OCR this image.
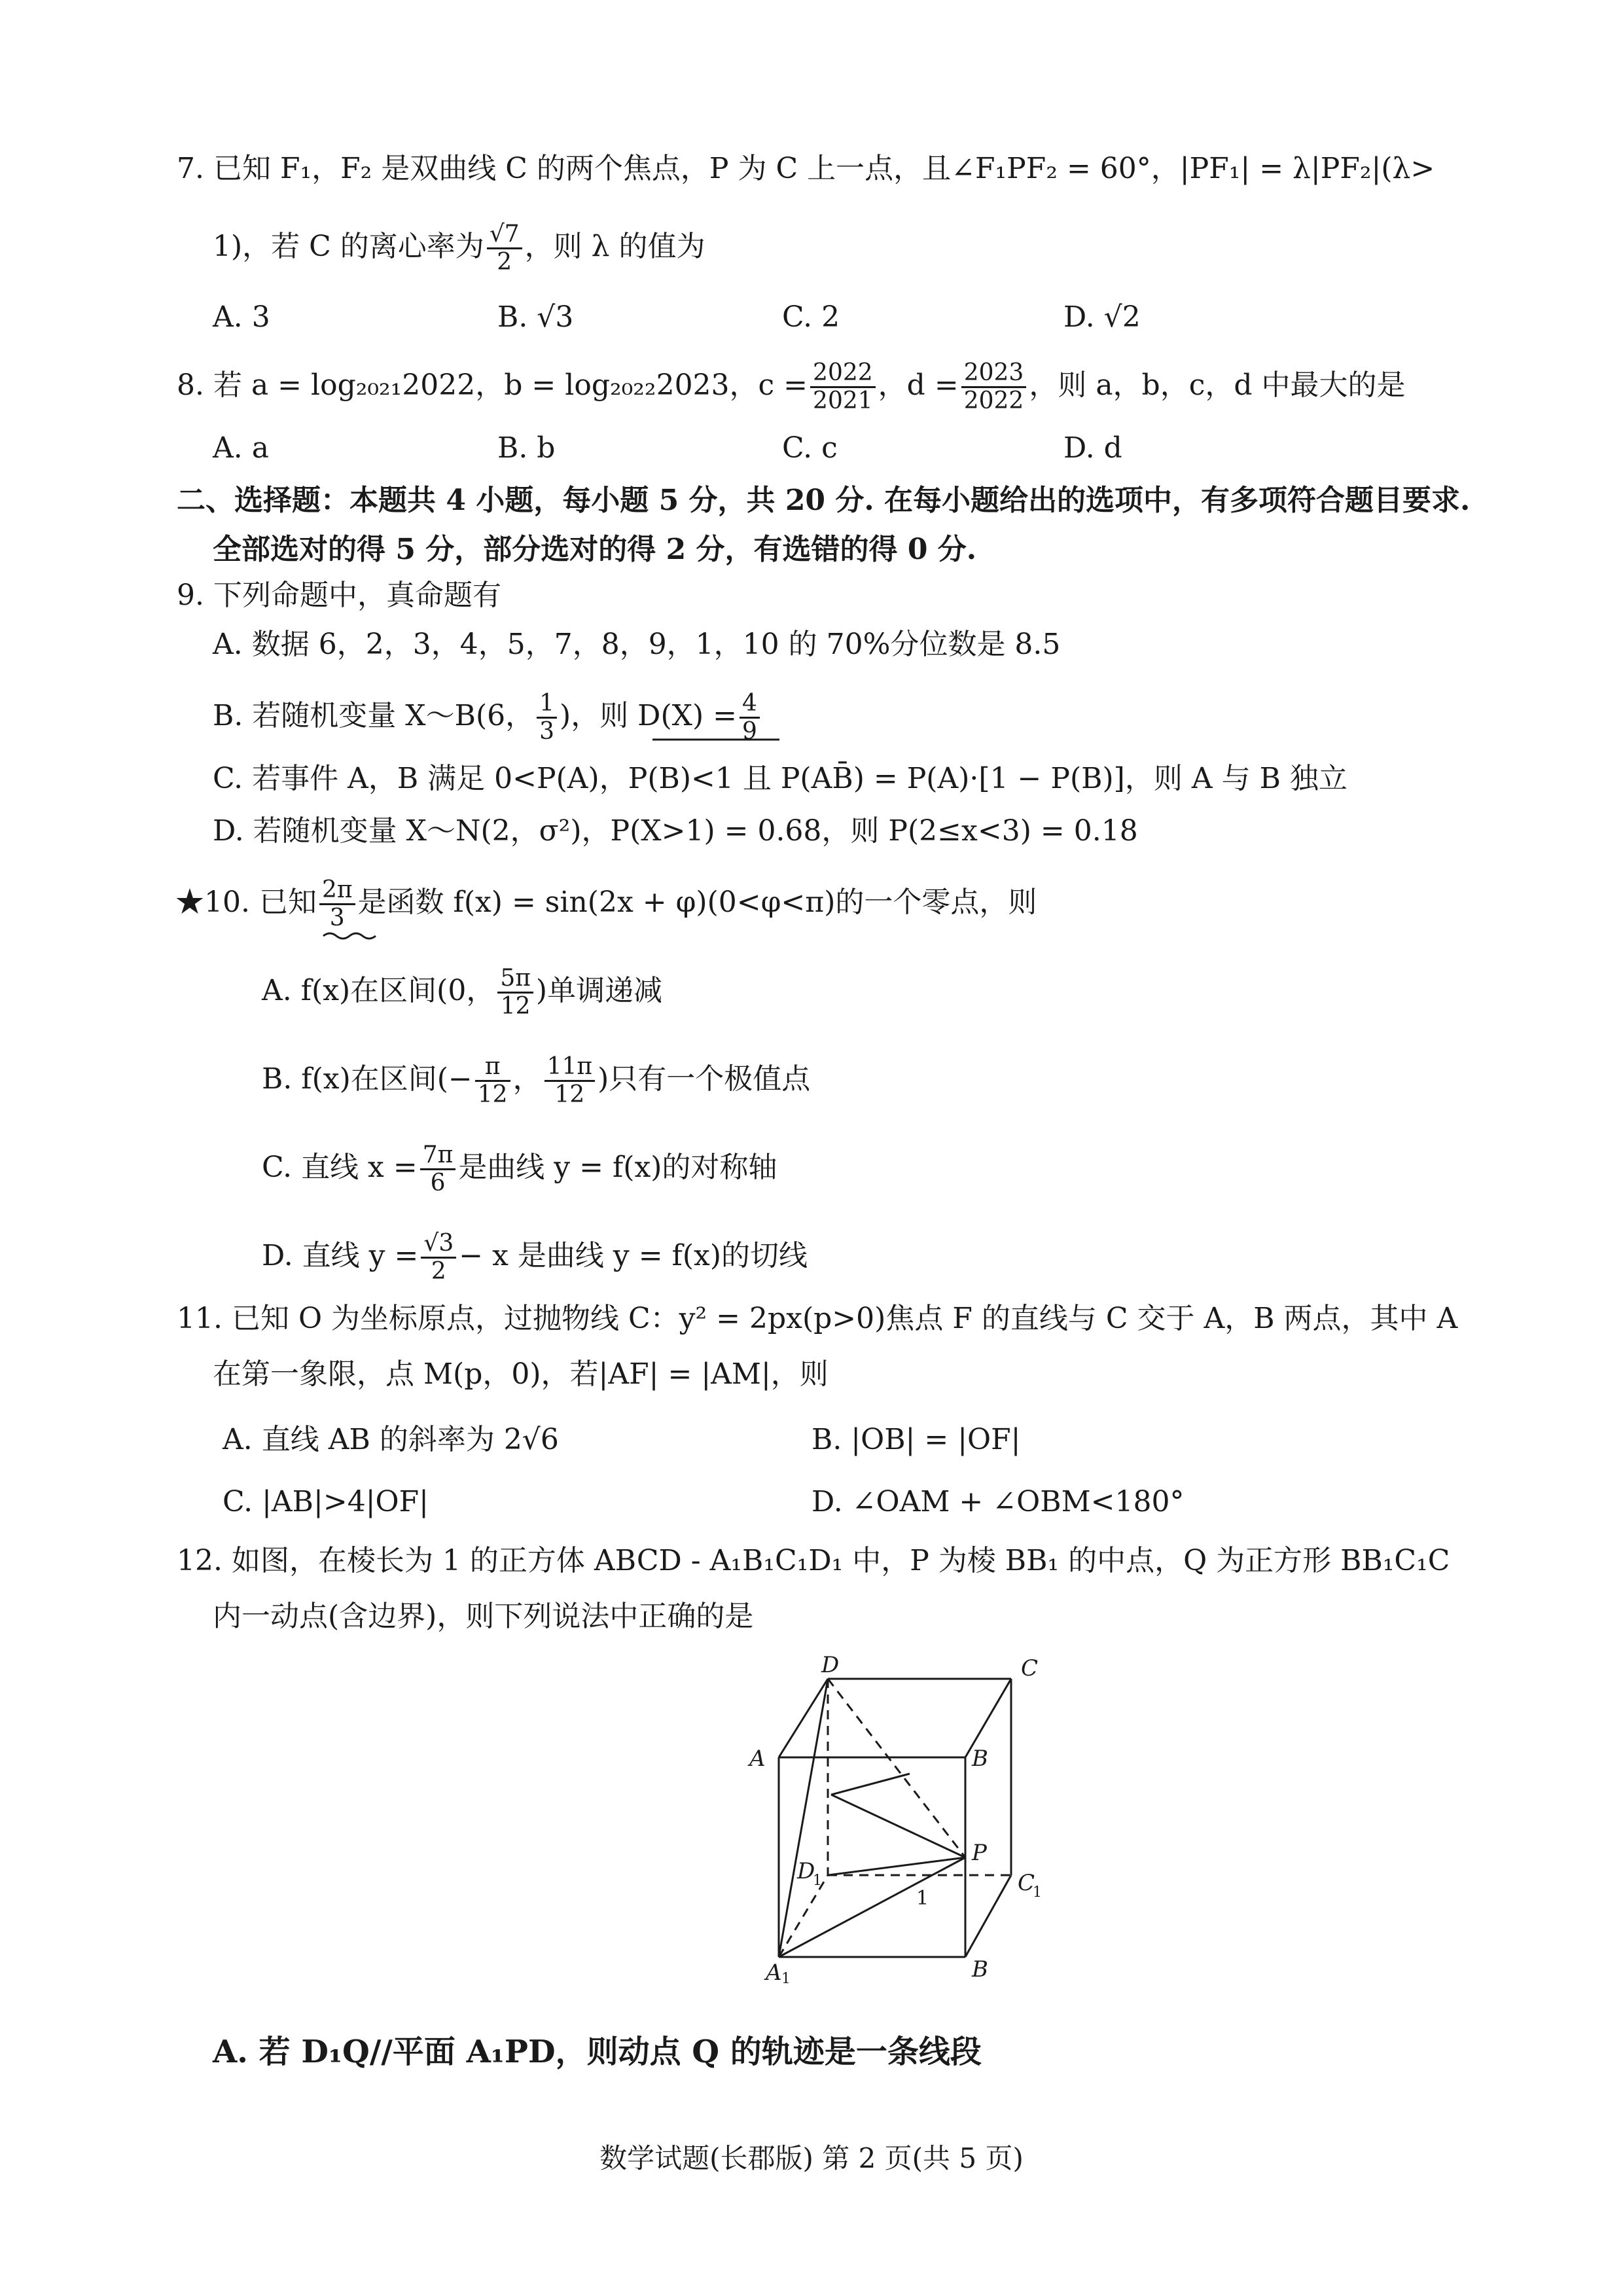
7. 已知 F₁，F₂ 是双曲线 C 的两个焦点，P 为 C 上一点，且∠F₁PF₂ = 60°，|PF₁| = λ|PF₂|(λ>
1)，若 C 的离心率为 $\frac{√7}{2}$ ，则 λ 的值为
A. 3	B. √3	C. 2	D. √2
8. 若 a = log₂₀₂₁2022，b = log₂₀₂₂2023，$c = \frac{2022}{2021}$ ，$d = \frac{2023}{2022}$ ，则 a，b，c，d 中最大的是
A. a	B. b	C. c	D. d
二、选择题：本题共 4 小题，每小题 5 分，共 20 分. 在每小题给出的选项中，有多项符合题目要求.
全部选对的得 5 分，部分选对的得 2 分，有选错的得 0 分.
9. 下列命题中，真命题有
A. 数据 6，2，3，4，5，7，8，9，1，10 的 70%分位数是 8.5
B. 若随机变量 X～B(6， $\frac{1}{3}$ )，则 $D(X) = \frac{4}{9}$
C. 若事件 A，B 满足 0<P(A)，P(B)<1 且 P(AB̄) = P(A)·[1 − P(B)]，则 A 与 B 独立
D. 若随机变量 X～N(2，σ²)，P(X>1) = 0.68，则 P(2≤x<3) = 0.18
★10. 已知 $\frac{2\pi}{3}$ 是函数 f(x) = sin(2x + φ)(0<φ<π)的一个零点，则
A. f(x)在区间(0， $\frac{5\pi}{12}$ )单调递减
B. f(x)在区间(− $\frac{\pi}{12}$ ， $\frac{11\pi}{12}$ )只有一个极值点
C. 直线 $x = \frac{7\pi}{6}$ 是曲线 y = f(x)的对称轴
D. 直线 $y = \frac{√3}{2} - x$ 是曲线 y = f(x)的切线
11. 已知 O 为坐标原点，过抛物线 C：y² = 2px(p>0)焦点 F 的直线与 C 交于 A，B 两点，其中 A
在第一象限，点 M(p，0)，若|AF| = |AM|，则
A. 直线 AB 的斜率为 2√6	B. |OB| = |OF|
C. |AB|>4|OF|	D. ∠OAM + ∠OBM<180°
12. 如图，在棱长为 1 的正方体 ABCD - A₁B₁C₁D₁ 中，P 为棱 BB₁ 的中点，Q 为正方形 BB₁C₁C
内一动点(含边界)，则下列说法中正确的是
D	C
A	B
P
D	C
A	B
1
1
1
1
A. 若 D₁Q//平面 A₁PD，则动点 Q 的轨迹是一条线段
数学试题(长郡版) 第 2 页(共 5 页)
